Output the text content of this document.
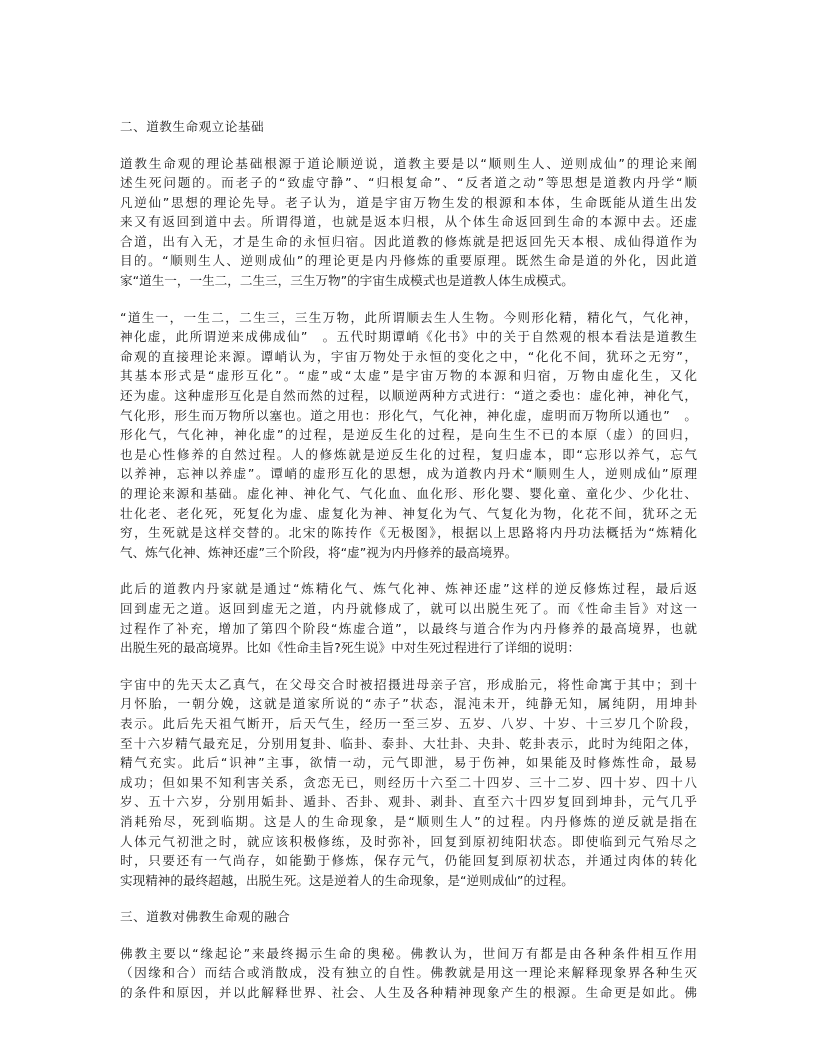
二、道教生命观立论基础
道教生命观的理论基础根源于道论顺逆说，道教主要是以“顺则生人、逆则成仙”的理论来阐
述生死问题的。而老子的“致虚守静”、“归根复命”、“反者道之动”等思想是道教内丹学“顺
凡逆仙”思想的理论先导。老子认为，道是宇宙万物生发的根源和本体，生命既能从道生出发
来又有返回到道中去。所谓得道，也就是返本归根，从个体生命返回到生命的本源中去。还虚
合道，出有入无，才是生命的永恒归宿。因此道教的修炼就是把返回先天本根、成仙得道作为
目的。“顺则生人、逆则成仙”的理论更是内丹修炼的重要原理。既然生命是道的外化，因此道
家“道生一，一生二，二生三，三生万物”的宇宙生成模式也是道教人体生成模式。
“道生一，一生二，二生三，三生万物，此所谓顺去生人生物。今则形化精，精化气，气化神，
神化虚，此所谓逆来成佛成仙”　。五代时期谭峭《化书》中的关于自然观的根本看法是道教生
命观的直接理论来源。谭峭认为，宇宙万物处于永恒的变化之中，“化化不间，犹环之无穷”，
其基本形式是“虚形互化”。“虚”或“太虚”是宇宙万物的本源和归宿，万物由虚化生，又化
还为虚。这种虚形互化是自然而然的过程，以顺逆两种方式进行：“道之委也：虚化神，神化气，
气化形，形生而万物所以塞也。道之用也：形化气，气化神，神化虚，虚明而万物所以通也”　。
形化气，气化神，神化虚”的过程，是逆反生化的过程，是向生生不已的本原（虚）的回归，
也是心性修养的自然过程。人的修炼就是逆反生化的过程，复归虚本，即“忘形以养气，忘气
以养神，忘神以养虚”。谭峭的虚形互化的思想，成为道教内丹术“顺则生人，逆则成仙”原理
的理论来源和基础。虚化神、神化气、气化血、血化形、形化婴、婴化童、童化少、少化壮、
壮化老、老化死，死复化为虚、虚复化为神、神复化为气、气复化为物，化花不间，犹环之无
穷，生死就是这样交替的。北宋的陈抟作《无极图》，根据以上思路将内丹功法概括为“炼精化
气、炼气化神、炼神还虚”三个阶段，将“虚”视为内丹修养的最高境界。
此后的道教内丹家就是通过“炼精化气、炼气化神、炼神还虚”这样的逆反修炼过程，最后返
回到虚无之道。返回到虚无之道，内丹就修成了，就可以出脱生死了。而《性命圭旨》对这一
过程作了补充，增加了第四个阶段“炼虚合道”，以最终与道合作为内丹修养的最高境界，也就
出脱生死的最高境界。比如《性命圭旨?死生说》中对生死过程进行了详细的说明：
宇宙中的先天太乙真气，在父母交合时被招摄进母亲子宫，形成胎元，将性命寓于其中；到十
月怀胎，一朝分娩，这就是道家所说的“赤子”状态，混沌未开，纯静无知，属纯阴，用坤卦
表示。此后先天祖气断开，后天气生，经历一至三岁、五岁、八岁、十岁、十三岁几个阶段，
至十六岁精气最充足，分别用复卦、临卦、泰卦、大壮卦、夬卦、乾卦表示，此时为纯阳之体，
精气充实。此后“识神”主事，欲情一动，元气即泄，易于伤神，如果能及时修炼性命，最易
成功；但如果不知利害关系，贪恋无已，则经历十六至二十四岁、三十二岁、四十岁、四十八
岁、五十六岁，分别用姤卦、遁卦、否卦、观卦、剥卦、直至六十四岁复回到坤卦，元气几乎
消耗殆尽，死到临期。这是人的生命现象，是“顺则生人”的过程。内丹修炼的逆反就是指在
人体元气初泄之时，就应该积极修练，及时弥补，回复到原初纯阳状态。即使临到元气殆尽之
时，只要还有一气尚存，如能勤于修炼，保存元气，仍能回复到原初状态，并通过肉体的转化
实现精神的最终超越，出脱生死。这是逆着人的生命现象，是“逆则成仙”的过程。
三、道教对佛教生命观的融合
佛教主要以“缘起论”来最终揭示生命的奥秘。佛教认为，世间万有都是由各种条件相互作用
（因缘和合）而结合或消散成，没有独立的自性。佛教就是用这一理论来解释现象界各种生灭
的条件和原因，并以此解释世界、社会、人生及各种精神现象产生的根源。生命更是如此。佛
